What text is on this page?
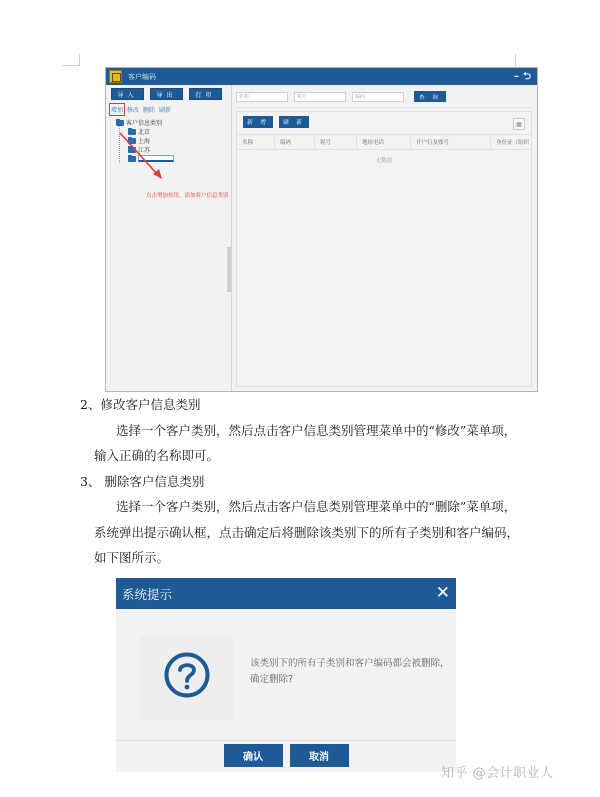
客户编码	– ⮌
导入	导出	打印
增加 修改 删除 刷新
客户信息类别
北京
上海
江苏
点击增加按钮，添加客户信息类别
名称	税号	编码	查 询
新 增	刷 新	▦
名称	编码	税号	地址电话	开户行及账号	身份证（组织
无数据
2、修改客户信息类别
选择一个客户类别，然后点击客户信息类别管理菜单中的“修改”菜单项，
输入正确的名称即可。
3、 删除客户信息类别
选择一个客户类别，然后点击客户信息类别管理菜单中的“删除”菜单项，
系统弹出提示确认框，点击确定后将删除该类别下的所有子类别和客户编码，
如下图所示。
系统提示	✕
该类别下的所有子类别和客户编码都会被删除，确定删除?
确认	取消
知乎 @会计职业人
